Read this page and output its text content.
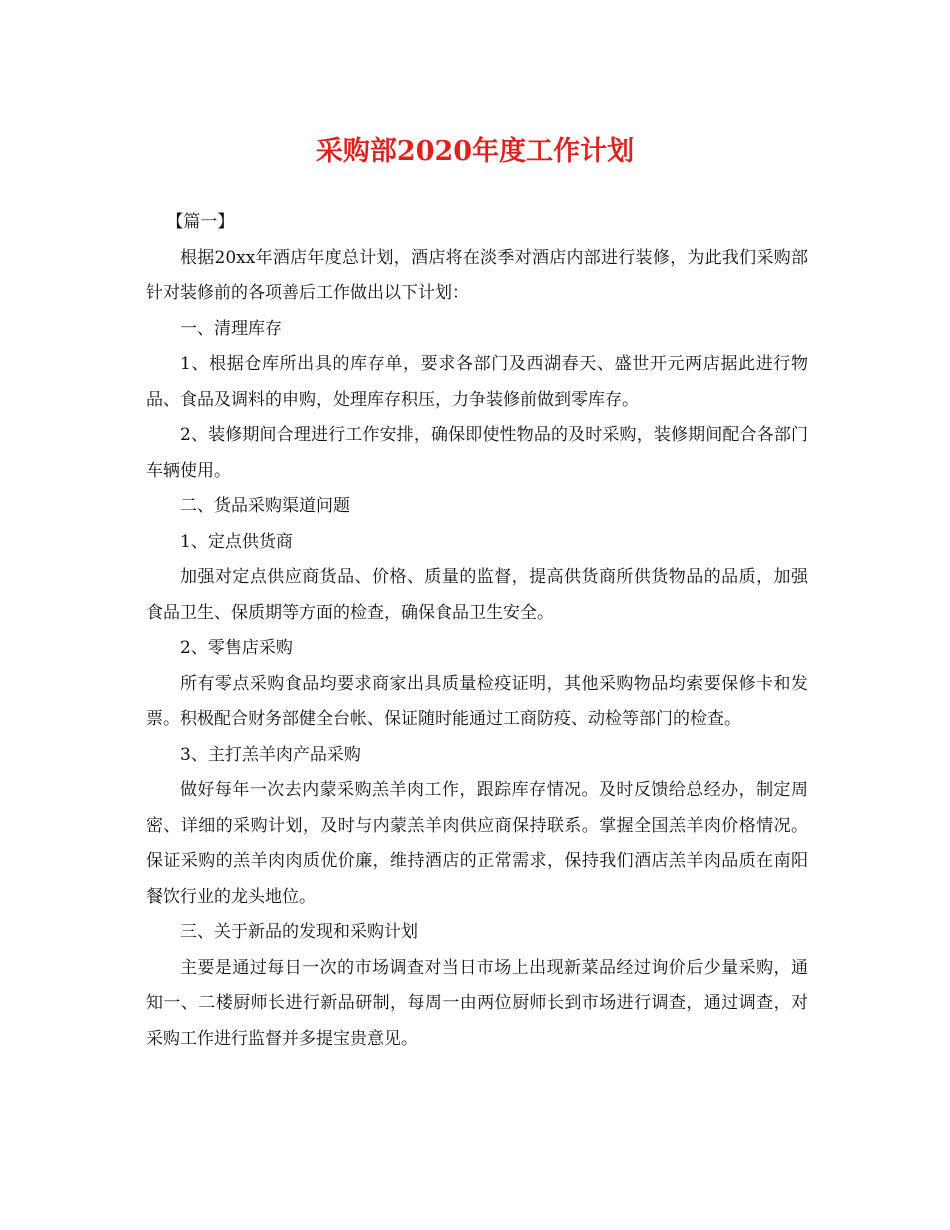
采购部2020年度工作计划

【篇一】

根据20xx年酒店年度总计划，酒店将在淡季对酒店内部进行装修，为此我们采购部针对装修前的各项善后工作做出以下计划：

一、清理库存

1、根据仓库所出具的库存单，要求各部门及西湖春天、盛世开元两店据此进行物品、食品及调料的申购，处理库存积压，力争装修前做到零库存。

2、装修期间合理进行工作安排，确保即使性物品的及时采购，装修期间配合各部门车辆使用。

二、货品采购渠道问题

1、定点供货商

加强对定点供应商货品、价格、质量的监督，提高供货商所供货物品的品质，加强食品卫生、保质期等方面的检查，确保食品卫生安全。

2、零售店采购

所有零点采购食品均要求商家出具质量检疫证明，其他采购物品均索要保修卡和发票。积极配合财务部健全台帐、保证随时能通过工商防疫、动检等部门的检查。

3、主打羔羊肉产品采购

做好每年一次去内蒙采购羔羊肉工作，跟踪库存情况。及时反馈给总经办，制定周密、详细的采购计划，及时与内蒙羔羊肉供应商保持联系。掌握全国羔羊肉价格情况。保证采购的羔羊肉肉质优价廉，维持酒店的正常需求，保持我们酒店羔羊肉品质在南阳餐饮行业的龙头地位。

三、关于新品的发现和采购计划

主要是通过每日一次的市场调查对当日市场上出现新菜品经过询价后少量采购，通知一、二楼厨师长进行新品研制，每周一由两位厨师长到市场进行调查，通过调查，对采购工作进行监督并多提宝贵意见。
